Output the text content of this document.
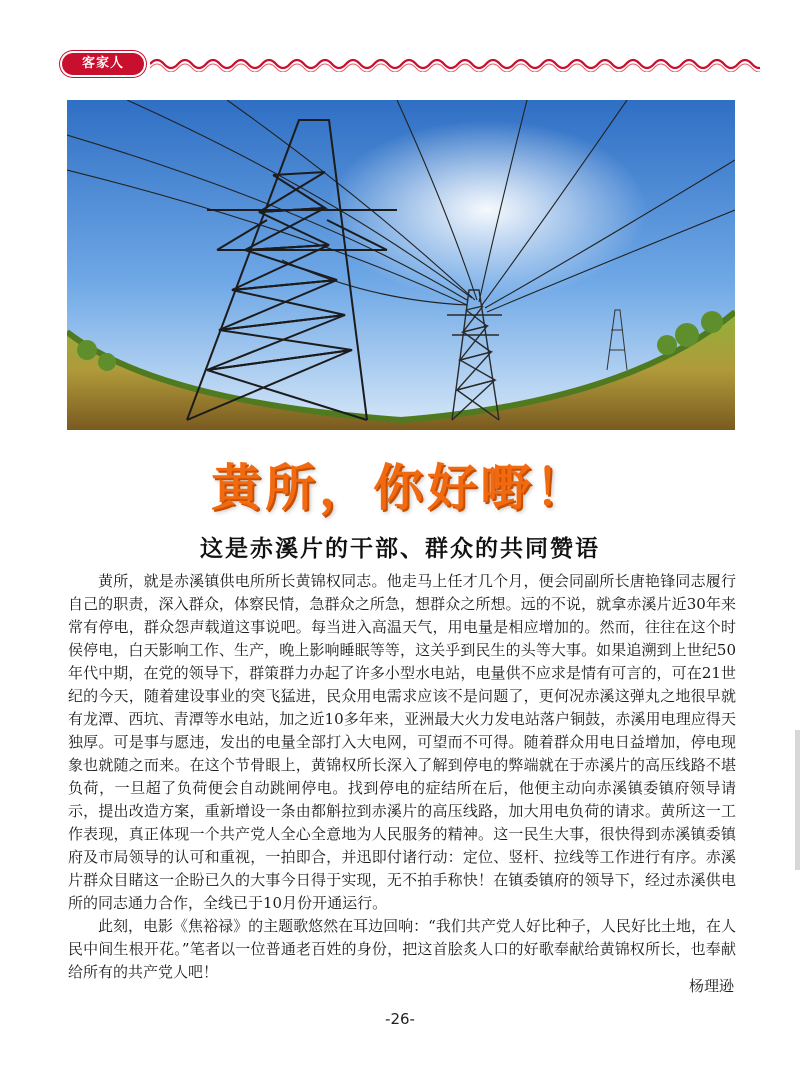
客家人
黄所，你好嘢！
这是赤溪片的干部、群众的共同赞语

黄所，就是赤溪镇供电所所长黄锦权同志。他走马上任才几个月，便会同副所长唐艳锋同志履行自己的职责，深入群众，体察民情，急群众之所急，想群众之所想。远的不说，就拿赤溪片近30年来常有停电，群众怨声载道这事说吧。每当进入高温天气，用电量是相应增加的。然而，往往在这个时侯停电，白天影响工作、生产，晚上影响睡眠等等，这关乎到民生的头等大事。如果追溯到上世纪50年代中期，在党的领导下，群策群力办起了许多小型水电站，电量供不应求是情有可言的，可在21世纪的今天，随着建设事业的突飞猛进，民众用电需求应该不是问题了，更何况赤溪这弹丸之地很早就有龙潭、西坑、青潭等水电站，加之近10多年来，亚洲最大火力发电站落户铜鼓，赤溪用电理应得天独厚。可是事与愿违，发出的电量全部打入大电网，可望而不可得。随着群众用电日益增加，停电现象也就随之而来。在这个节骨眼上，黄锦权所长深入了解到停电的弊端就在于赤溪片的高压线路不堪负荷，一旦超了负荷便会自动跳闸停电。找到停电的症结所在后，他便主动向赤溪镇委镇府领导请示，提出改造方案，重新增设一条由都斛拉到赤溪片的高压线路，加大用电负荷的请求。黄所这一工作表现，真正体现一个共产党人全心全意地为人民服务的精神。这一民生大事，很快得到赤溪镇委镇府及市局领导的认可和重视，一拍即合，并迅即付诸行动：定位、竖杆、拉线等工作进行有序。赤溪片群众目睹这一企盼已久的大事今日得于实现，无不拍手称快！在镇委镇府的领导下，经过赤溪供电所的同志通力合作，全线已于10月份开通运行。

此刻，电影《焦裕禄》的主题歌悠然在耳边回响：“我们共产党人好比种子，人民好比土地，在人民中间生根开花。”笔者以一位普通老百姓的身份，把这首脍炙人口的好歌奉献给黄锦权所长，也奉献给所有的共产党人吧！

杨理逊
-26-
